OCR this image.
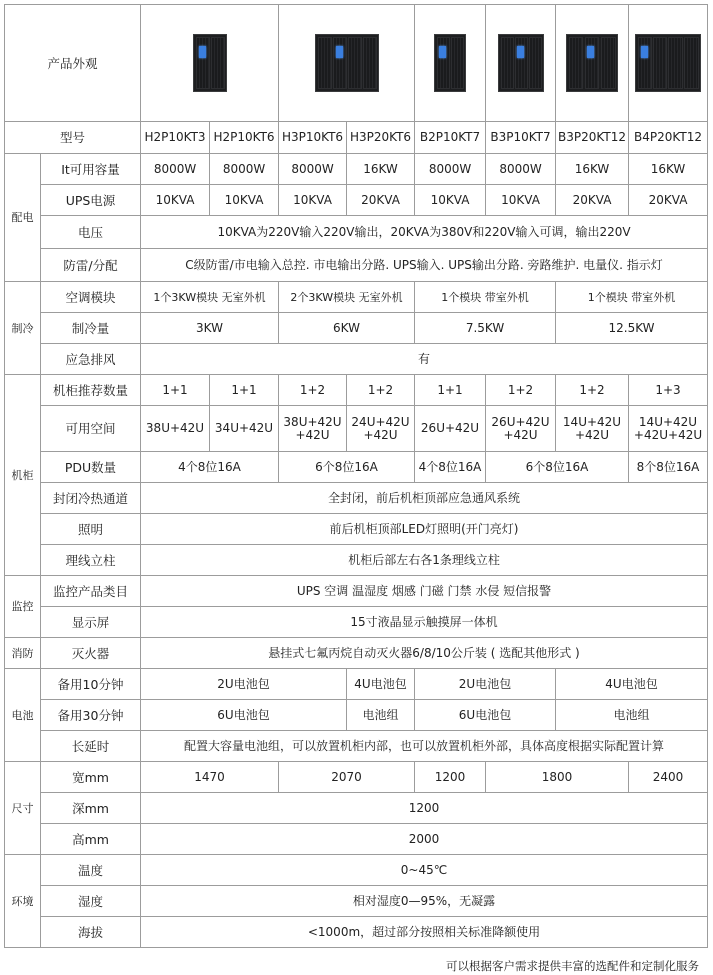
产品外观				

型号		H2P10KT3	H2P10KT6	H3P10KT6	H3P20KT6	B2P10KT7	B3P10KT7	B3P20KT12	B4P20KT12
配电	It可用容量	8000W	8000W	8000W	16KW	8000W	8000W	16KW	16KW
	UPS电源	10KVA	10KVA	10KVA	20KVA	10KVA	10KVA	20KVA	20KVA
	电压	10KVA为220V输入220V输出，20KVA为380V和220V输入可调，输出220V							
	防雷/分配	C级防雷/市电输入总控. 市电输出分路. UPS输入. UPS输出分路. 旁路维护. 电量仪. 指示灯							
制冷	空调模块	1个3KW模块 无室外机		2个3KW模块 无室外机		1个模块 带室外机		1个模块 带室外机	
	制冷量	3KW		6KW		7.5KW		12.5KW	
	应急排风	有							
机柜	机柜推荐数量	1+1	1+1	1+2	1+2	1+1	1+2	1+2	1+3
	可用空间	38U+42U	34U+42U	38U+42U +42U	24U+42U +42U	26U+42U	26U+42U +42U	14U+42U +42U	14U+42U +42U+42U
	PDU数量	4个8位16A		6个8位16A		4个8位16A	6个8位16A		8个8位16A
	封闭冷热通道	全封闭，前后机柜顶部应急通风系统							
	照明	前后机柜顶部LED灯照明(开门亮灯)							
	理线立柱	机柜后部左右各1条理线立柱							
监控	监控产品类目	UPS 空调 温湿度 烟感 门磁 门禁 水侵 短信报警							
	显示屏	15寸液晶显示触摸屏一体机							
消防	灭火器	悬挂式七氟丙烷自动灭火器6/8/10公斤装 ( 选配其他形式 )							
电池	备用10分钟	2U电池包			4U电池包	2U电池包		4U电池包	
	备用30分钟	6U电池包			电池组	6U电池包		电池组	
	长延时	配置大容量电池组，可以放置机柜内部，也可以放置机柜外部，具体高度根据实际配置计算							
尺寸	宽mm	1470		2070		1200	1800		2400
	深mm	1200							
	高mm	2000							
环境	温度	0~45℃							
	湿度	相对湿度0—95%，无凝露							
	海拔	<1000m，超过部分按照相关标准降额使用							
可以根据客户需求提供丰富的选配件和定制化服务
